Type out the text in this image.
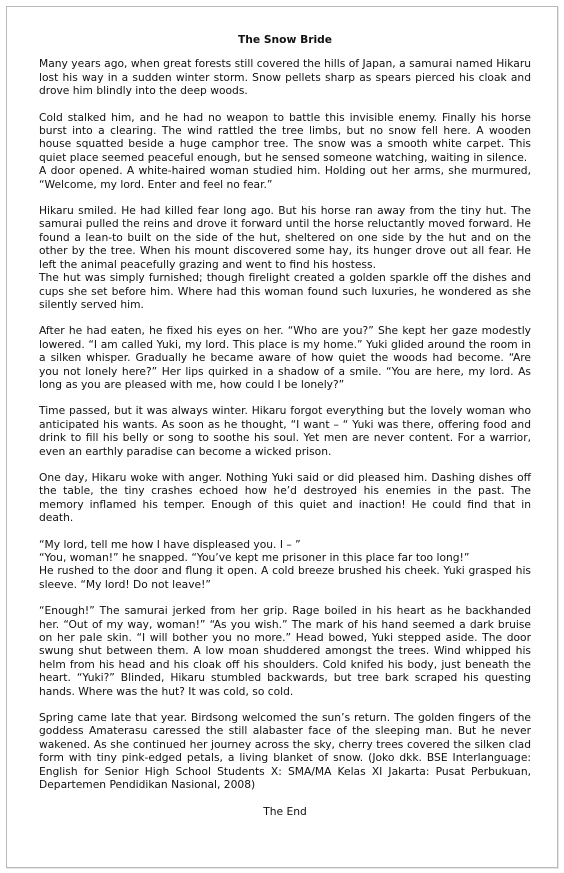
The Snow Bride
Many years ago, when great forests still covered the hills of Japan, a samurai named Hikaru lost his way in a sudden winter storm. Snow pellets sharp as spears pierced his cloak and drove him blindly into the deep woods.
Cold stalked him, and he had no weapon to battle this invisible enemy. Finally his horse burst into a clearing. The wind rattled the tree limbs, but no snow fell here. A wooden house squatted beside a huge camphor tree. The snow was a smooth white carpet. This quiet place seemed peaceful enough, but he sensed someone watching, waiting in silence.
A door opened. A white-haired woman studied him. Holding out her arms, she murmured, “Welcome, my lord. Enter and feel no fear.”
Hikaru smiled. He had killed fear long ago. But his horse ran away from the tiny hut. The samurai pulled the reins and drove it forward until the horse reluctantly moved forward. He found a lean-to built on the side of the hut, sheltered on one side by the hut and on the other by the tree. When his mount discovered some hay, its hunger drove out all fear. He left the animal peacefully grazing and went to find his hostess.
The hut was simply furnished; though firelight created a golden sparkle off the dishes and cups she set before him. Where had this woman found such luxuries, he wondered as she silently served him.
After he had eaten, he fixed his eyes on her. “Who are you?” She kept her gaze modestly lowered. “I am called Yuki, my lord. This place is my home.” Yuki glided around the room in a silken whisper. Gradually he became aware of how quiet the woods had become. “Are you not lonely here?” Her lips quirked in a shadow of a smile. “You are here, my lord. As long as you are pleased with me, how could I be lonely?”
Time passed, but it was always winter. Hikaru forgot everything but the lovely woman who anticipated his wants. As soon as he thought, “I want – “ Yuki was there, offering food and drink to fill his belly or song to soothe his soul. Yet men are never content. For a warrior, even an earthly paradise can become a wicked prison.
One day, Hikaru woke with anger. Nothing Yuki said or did pleased him. Dashing dishes off the table, the tiny crashes echoed how he’d destroyed his enemies in the past. The memory inflamed his temper. Enough of this quiet and inaction! He could find that in death.
“My lord, tell me how I have displeased you. I – ”
“You, woman!” he snapped. “You’ve kept me prisoner in this place far too long!”
He rushed to the door and flung it open. A cold breeze brushed his cheek. Yuki grasped his sleeve. “My lord! Do not leave!”
“Enough!” The samurai jerked from her grip. Rage boiled in his heart as he backhanded her. “Out of my way, woman!” “As you wish.” The mark of his hand seemed a dark bruise on her pale skin. “I will bother you no more.” Head bowed, Yuki stepped aside. The door swung shut between them. A low moan shuddered amongst the trees. Wind whipped his helm from his head and his cloak off his shoulders. Cold knifed his body, just beneath the heart. “Yuki?” Blinded, Hikaru stumbled backwards, but tree bark scraped his questing hands. Where was the hut? It was cold, so cold.
Spring came late that year. Birdsong welcomed the sun’s return. The golden fingers of the goddess Amaterasu caressed the still alabaster face of the sleeping man. But he never wakened. As she continued her journey across the sky, cherry trees covered the silken clad form with tiny pink-edged petals, a living blanket of snow. (Joko dkk. BSE Interlanguage: English for Senior High School Students X: SMA/MA Kelas XI Jakarta: Pusat Perbukuan, Departemen Pendidikan Nasional, 2008)
The End
